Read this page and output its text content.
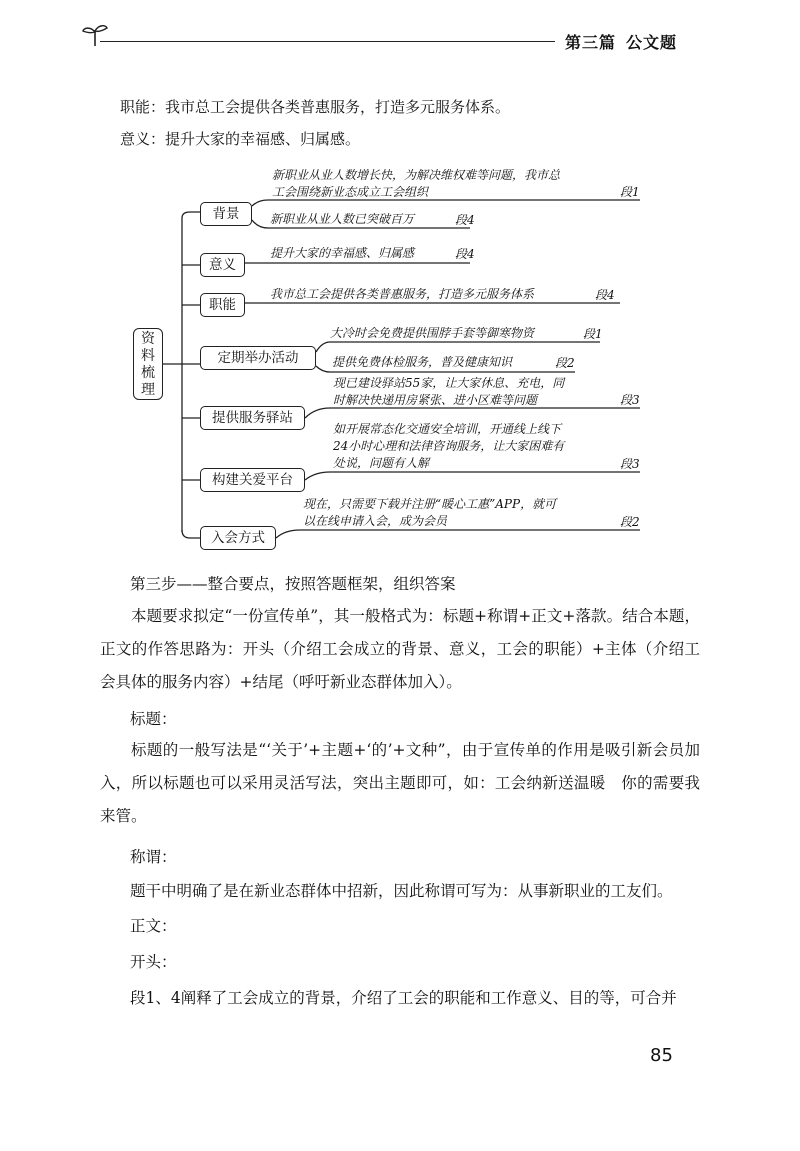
第三篇 公文题
职能：我市总工会提供各类普惠服务，打造多元服务体系。
意义：提升大家的幸福感、归属感。
资
料
梳
理
背景
意义
职能
定期举办活动
提供服务驿站
构建关爱平台
入会方式
新职业从业人数增长快，为解决维权难等问题，我市总
工会围绕新业态成立工会组织	段1
新职业从业人数已突破百万	段4
提升大家的幸福感、归属感	段4
我市总工会提供各类普惠服务，打造多元服务体系	段4
大冷时会免费提供围脖手套等御寒物资	段1
提供免费体检服务，普及健康知识	段2
现已建设驿站55家，让大家休息、充电，同
时解决快递用房紧张、进小区难等问题	段3
如开展常态化交通安全培训，开通线上线下
24小时心理和法律咨询服务，让大家困难有
处说，问题有人解	段3
现在，只需要下载并注册“暖心工惠”APP，就可
以在线申请入会，成为会员	段2
第三步——整合要点，按照答题框架，组织答案
本题要求拟定“一份宣传单”，其一般格式为：标题+称谓+正文+落款。结合本题，正文的作答思路为：开头（介绍工会成立的背景、意义，工会的职能）+主体（介绍工会具体的服务内容）+结尾（呼吁新业态群体加入）。
标题：
标题的一般写法是“‘关于’+主题+‘的’+文种”，由于宣传单的作用是吸引新会员加入，所以标题也可以采用灵活写法，突出主题即可，如：工会纳新送温暖　你的需要我来管。
称谓：
题干中明确了是在新业态群体中招新，因此称谓可写为：从事新职业的工友们。
正文：
开头：
段1、4阐释了工会成立的背景，介绍了工会的职能和工作意义、目的等，可合并
85
